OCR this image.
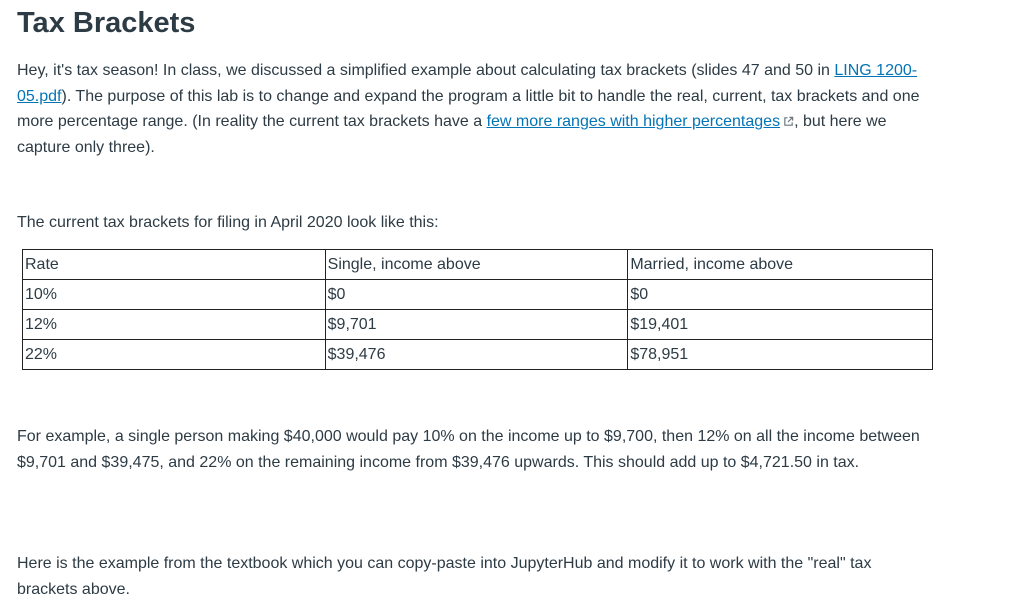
Tax Brackets

Hey, it's tax season! In class, we discussed a simplified example about calculating tax brackets (slides 47 and 50 in LING 1200-05.pdf). The purpose of this lab is to change and expand the program a little bit to handle the real, current, tax brackets and one more percentage range. (In reality the current tax brackets have a few more ranges with higher percentages , but here we capture only three).

The current tax brackets for filing in April 2020 look like this:

Rate	Single, income above	Married, income above
10%	$0	$0
12%	$9,701	$19,401
22%	$39,476	$78,951

For example, a single person making $40,000 would pay 10% on the income up to $9,700, then 12% on all the income between $9,701 and $39,475, and 22% on the remaining income from $39,476 upwards. This should add up to $4,721.50 in tax.

Here is the example from the textbook which you can copy-paste into JupyterHub and modify it to work with the "real" tax brackets above.
